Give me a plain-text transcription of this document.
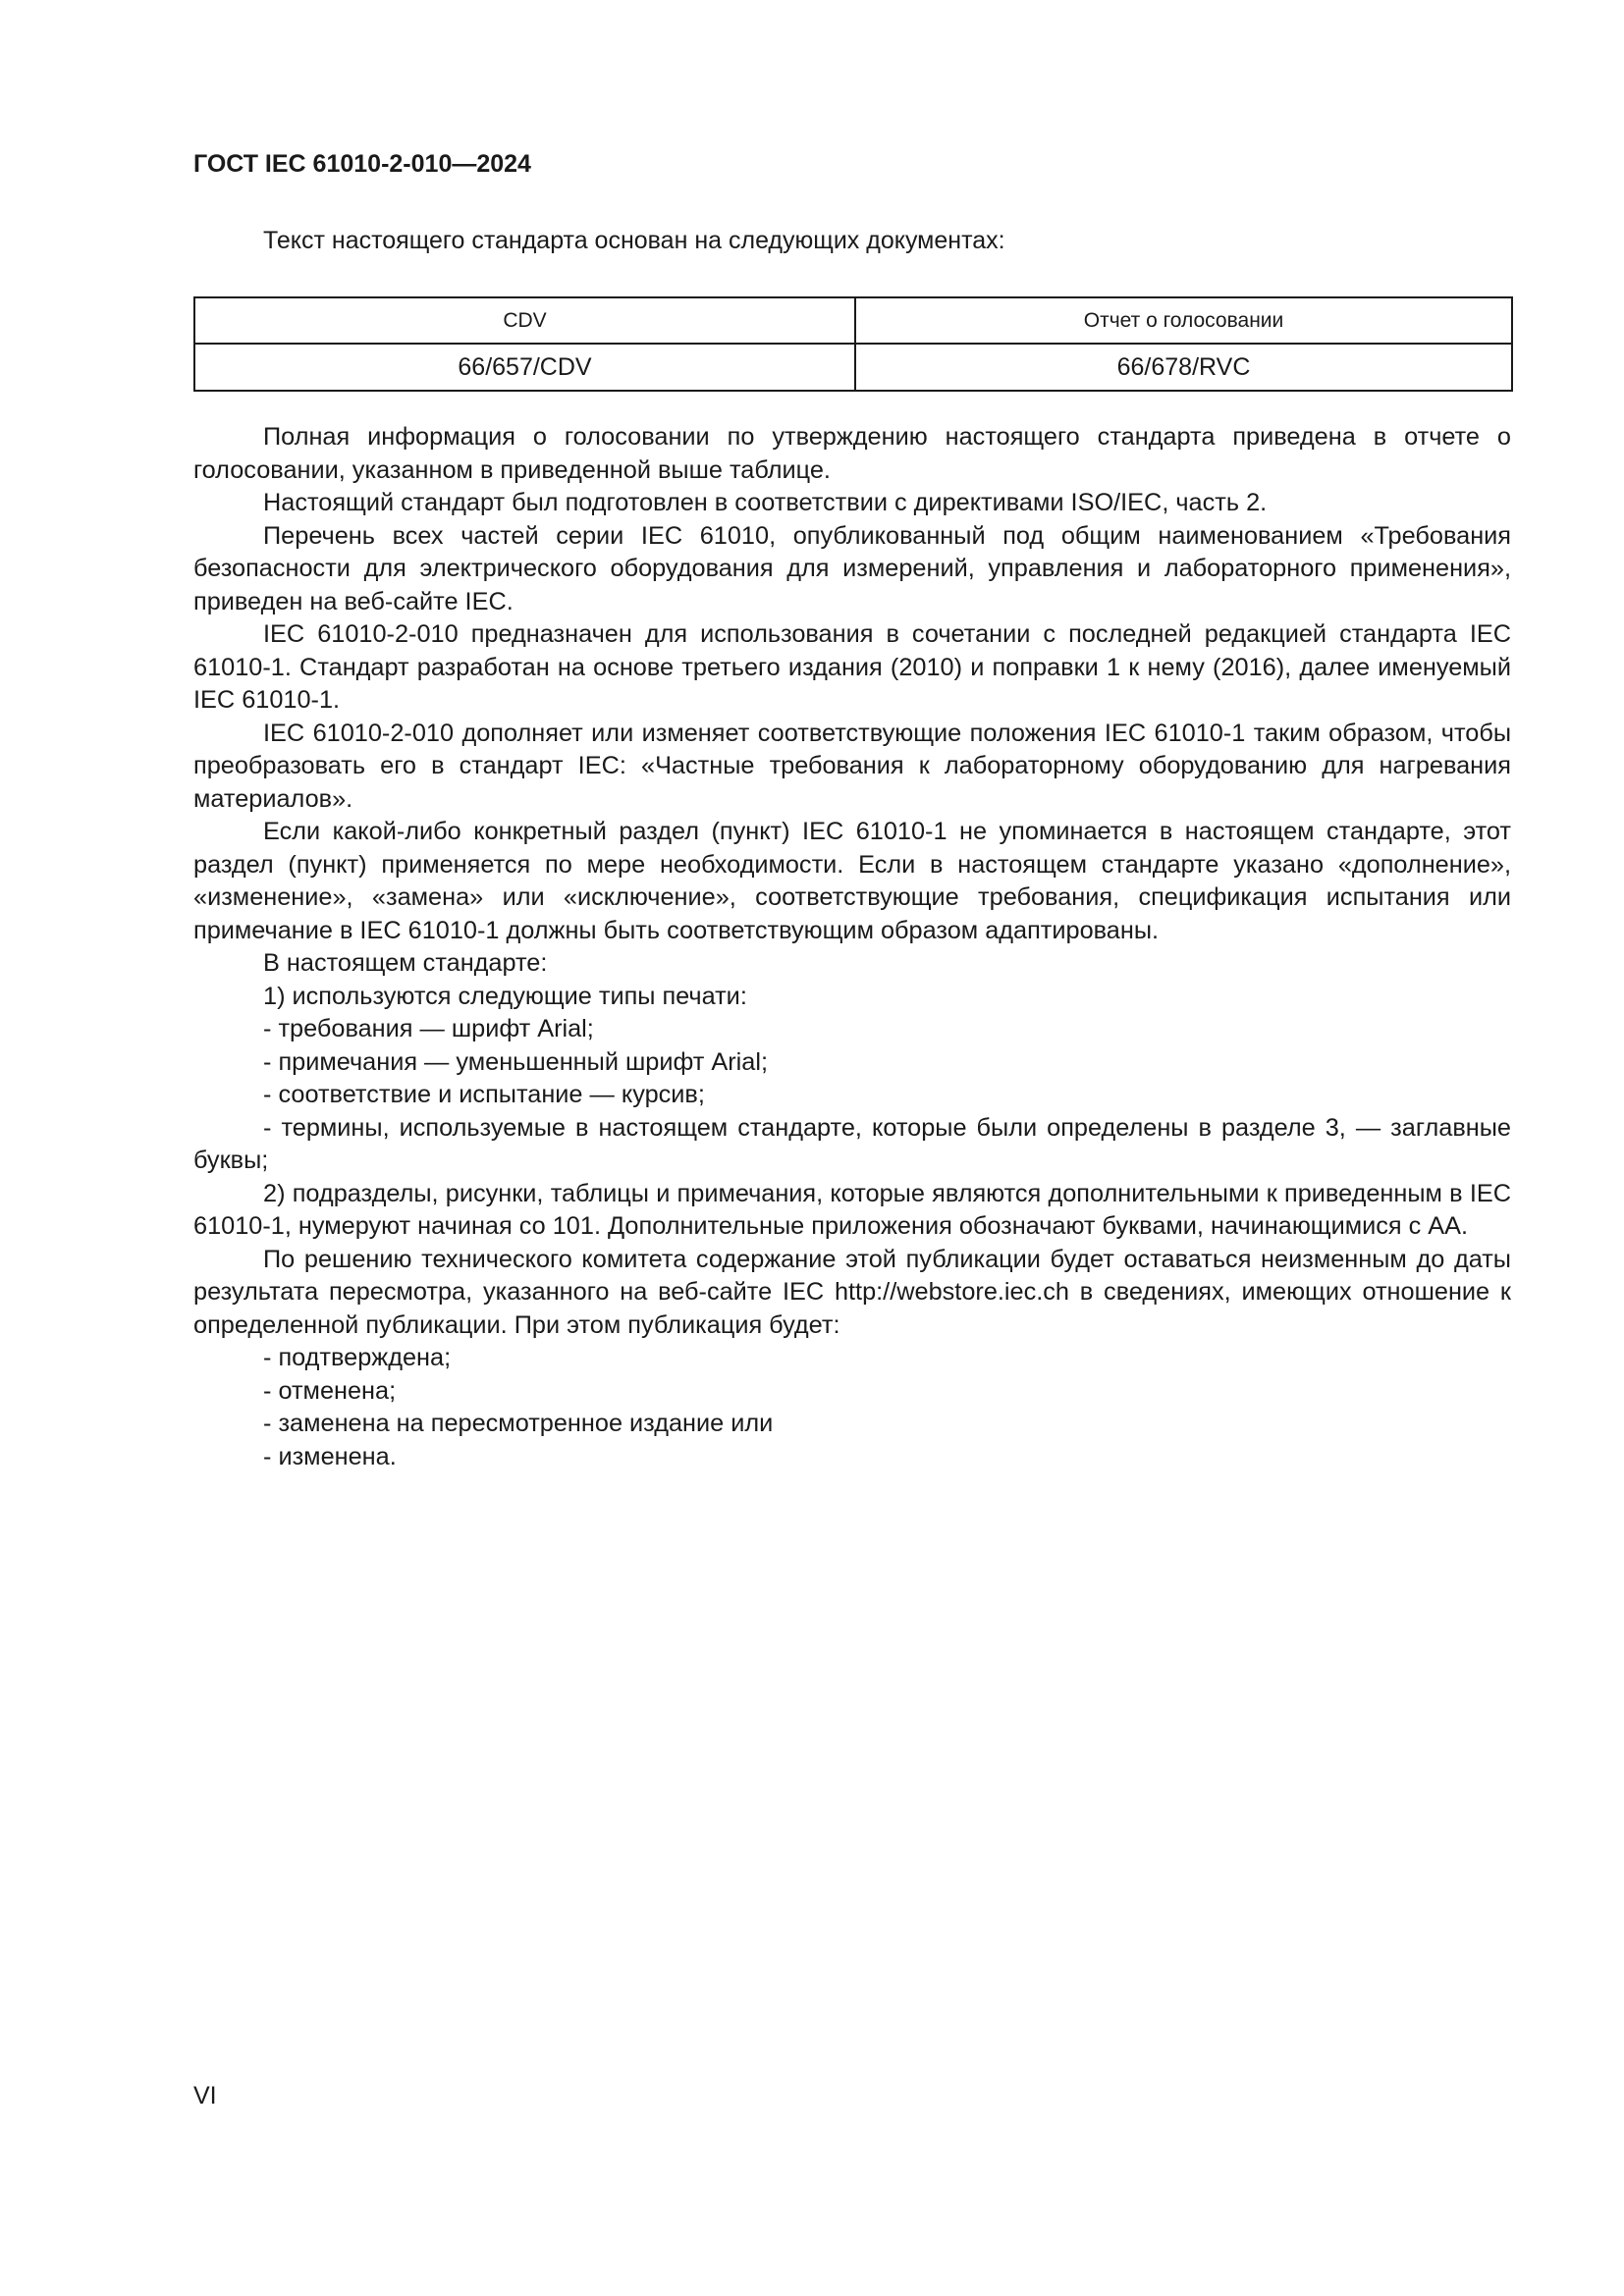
ГОСТ IEC 61010-2-010—2024

Текст настоящего стандарта основан на следующих документах:

CDV	Отчет о голосовании
66/657/CDV	66/678/RVC

Полная информация о голосовании по утверждению настоящего стандарта приведена в отчете о голосовании, указанном в приведенной выше таблице.

Настоящий стандарт был подготовлен в соответствии с директивами ISO/IEC, часть 2.

Перечень всех частей серии IEC 61010, опубликованный под общим наименованием «Требования безопасности для электрического оборудования для измерений, управления и лабораторного применения», приведен на веб-сайте IEC.

IEC 61010-2-010 предназначен для использования в сочетании с последней редакцией стандарта IEC 61010-1. Стандарт разработан на основе третьего издания (2010) и поправки 1 к нему (2016), далее именуемый IEC 61010-1.

IEC 61010-2-010 дополняет или изменяет соответствующие положения IEC 61010-1 таким образом, чтобы преобразовать его в стандарт IEC: «Частные требования к лабораторному оборудованию для нагревания материалов».

Если какой-либо конкретный раздел (пункт) IEC 61010-1 не упоминается в настоящем стандарте, этот раздел (пункт) применяется по мере необходимости. Если в настоящем стандарте указано «дополнение», «изменение», «замена» или «исключение», соответствующие требования, спецификация испытания или примечание в IEC 61010-1 должны быть соответствующим образом адаптированы.

В настоящем стандарте:

1) используются следующие типы печати:

- требования — шрифт Arial;

- примечания — уменьшенный шрифт Arial;

- соответствие и испытание — курсив;

- термины, используемые в настоящем стандарте, которые были определены в разделе 3, — заглавные буквы;

2) подразделы, рисунки, таблицы и примечания, которые являются дополнительными к приведенным в IEC 61010-1, нумеруют начиная со 101. Дополнительные приложения обозначают буквами, начинающимися с АА.

По решению технического комитета содержание этой публикации будет оставаться неизменным до даты результата пересмотра, указанного на веб-сайте IEC http://webstore.iec.ch в сведениях, имеющих отношение к определенной публикации. При этом публикация будет:

- подтверждена;

- отменена;

- заменена на пересмотренное издание или

- изменена.

VI
